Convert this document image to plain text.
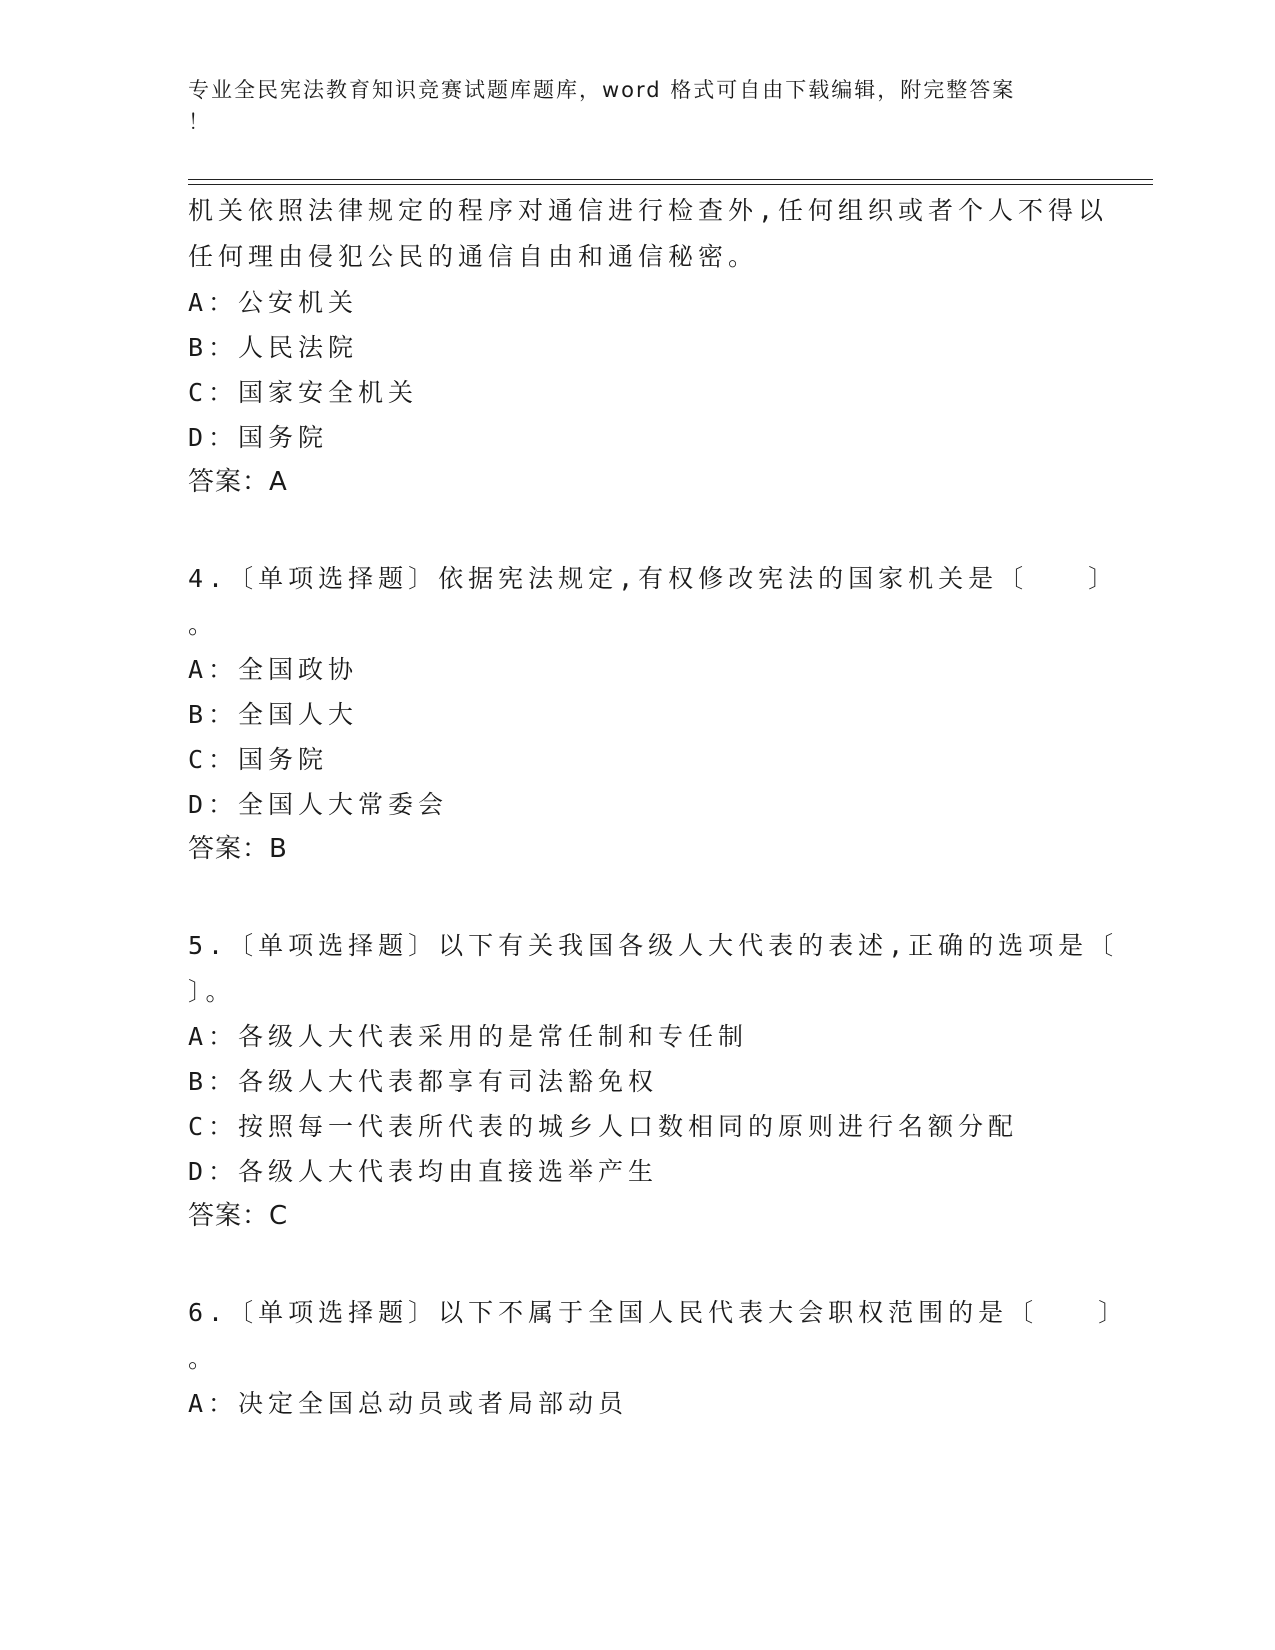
专业全民宪法教育知识竞赛试题库题库，word 格式可自由下载编辑，附完整答案
！
机关依照法律规定的程序对通信进行检查外,任何组织或者个人不得以
任何理由侵犯公民的通信自由和通信秘密。
A：公安机关
B：人民法院
C：国家安全机关
D：国务院
答案：A
4.〔单项选择题〕依据宪法规定,有权修改宪法的国家机关是〔　　〕
。
A：全国政协
B：全国人大
C：国务院
D：全国人大常委会
答案：B
5.〔单项选择题〕以下有关我国各级人大代表的表述,正确的选项是〔
〕。
A：各级人大代表采用的是常任制和专任制
B：各级人大代表都享有司法豁免权
C：按照每一代表所代表的城乡人口数相同的原则进行名额分配
D：各级人大代表均由直接选举产生
答案：C
6.〔单项选择题〕以下不属于全国人民代表大会职权范围的是〔　　〕
。
A：决定全国总动员或者局部动员
